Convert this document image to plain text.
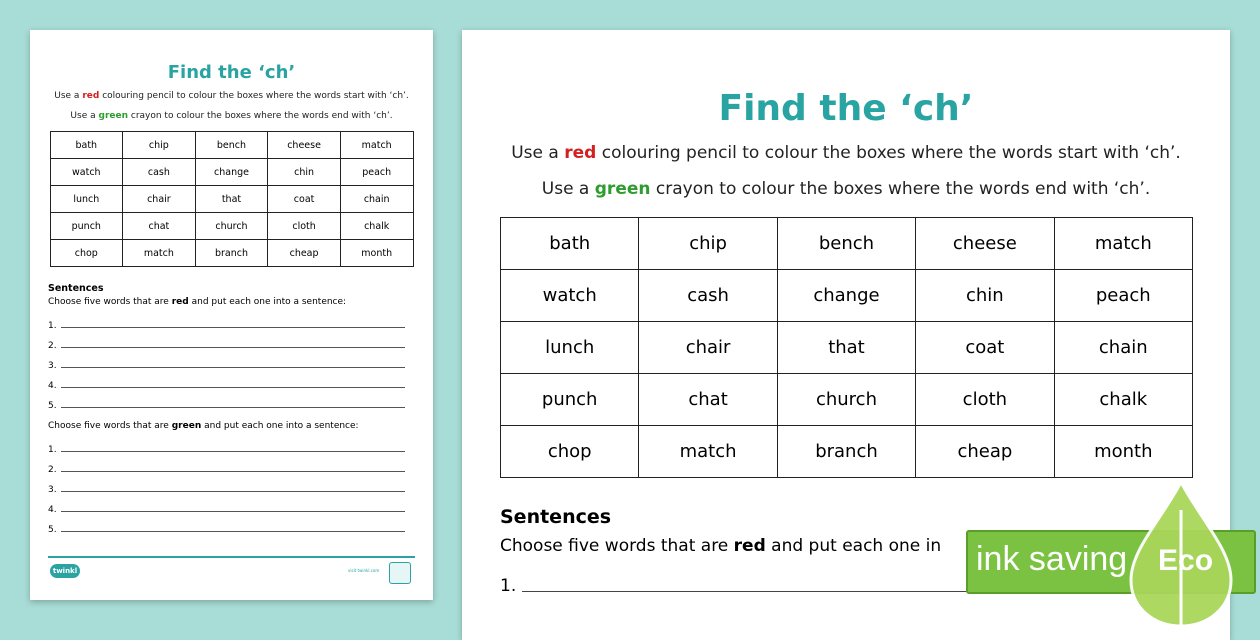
Find the ‘ch’
Use a red colouring pencil to colour the boxes where the words start with ‘ch’.
Use a green crayon to colour the boxes where the words end with ‘ch’.
bath	chip	bench	cheese	match
watch	cash	change	chin	peach
lunch	chair	that	coat	chain
punch	chat	church	cloth	chalk
chop	match	branch	cheap	month
Sentences
Choose five words that are red and put each one into a sentence:
1.
2.
3.
4.
5.
Choose five words that are green and put each one into a sentence:
1.
2.
3.
4.
5.
twinkl	visit twinkl.com
Find the ‘ch’
Use a red colouring pencil to colour the boxes where the words start with ‘ch’.
Use a green crayon to colour the boxes where the words end with ‘ch’.
bath	chip	bench	cheese	match
watch	cash	change	chin	peach
lunch	chair	that	coat	chain
punch	chat	church	cloth	chalk
chop	match	branch	cheap	month
Sentences
Choose five words that are red and put each one in
1.
ink saving Eco
